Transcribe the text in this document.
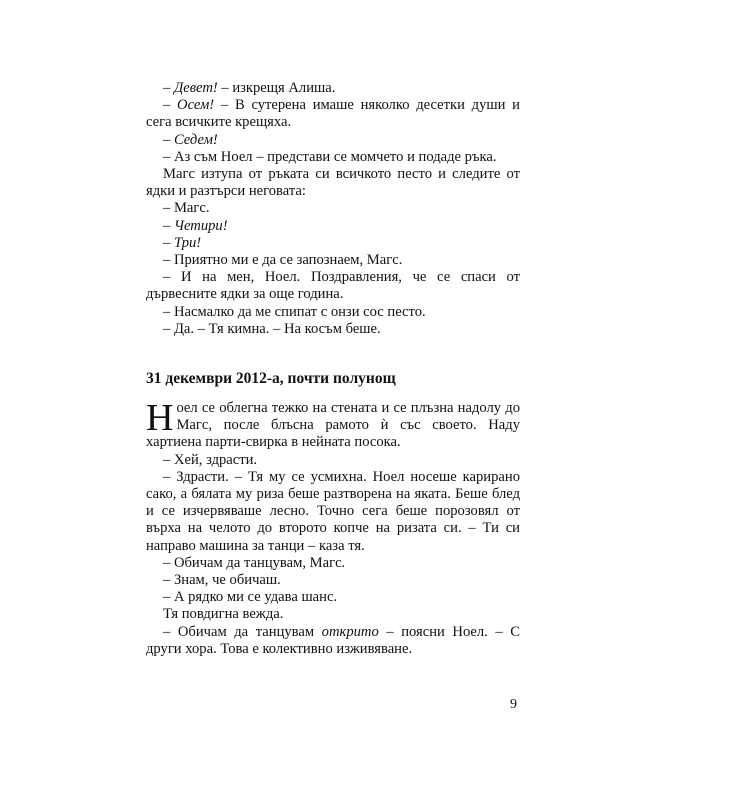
– Девет! – изкрещя Алиша.

– Осем! – В сутерена имаше няколко десетки души и сега всичките крещяха.

– Седем!

– Аз съм Ноел – представи се момчето и подаде ръка.

Магс изтупа от ръката си всичкото песто и следите от ядки и разтърси неговата:

– Магс.

– Четири!

– Три!

– Приятно ми е да се запознаем, Магс.

– И на мен, Ноел. Поздравления, че се спаси от дървесните ядки за още година.

– Насмалко да ме спипат с онзи сос песто.

– Да. – Тя кимна. – На косъм беше.

31 декември 2012-а, почти полунощ

Ноел се облегна тежко на стената и се плъзна надолу до Магс, после блъсна рамото ѝ със своето. Наду хартиена парти-свирка в нейната посока.

– Хей, здрасти.

– Здрасти. – Тя му се усмихна. Ноел носеше карирано сако, а бялата му риза беше разтворена на яката. Беше блед и се изчервяваше лесно. Точно сега беше порозовял от върха на челото до второто копче на ризата си. – Ти си направо машина за танци – каза тя.

– Обичам да танцувам, Магс.

– Знам, че обичаш.

– А рядко ми се удава шанс.

Тя повдигна вежда.

– Обичам да танцувам открито – поясни Ноел. – С други хора. Това е колективно изживяване.

9
